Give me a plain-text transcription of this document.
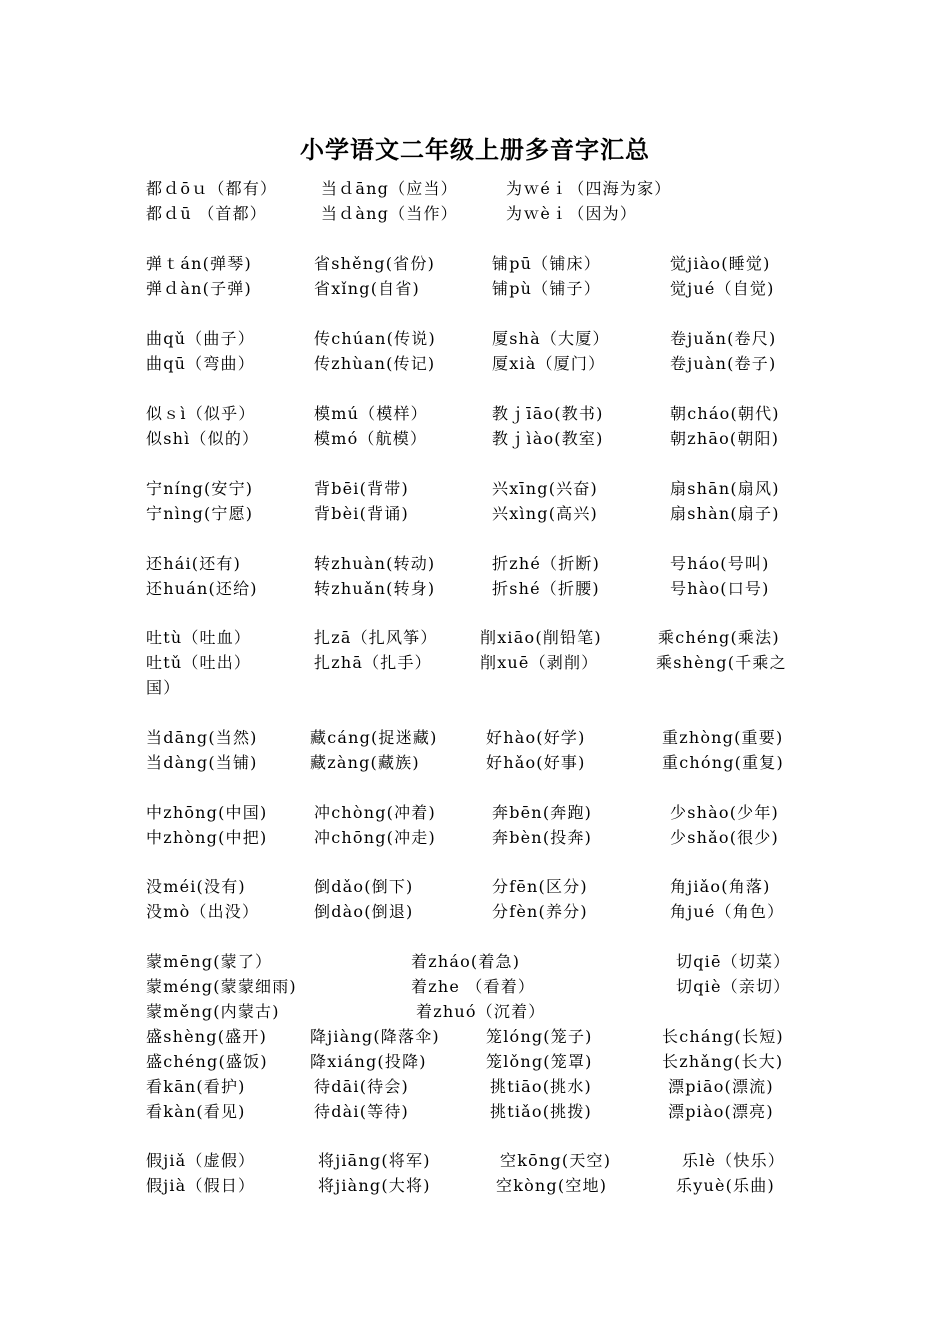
小学语文二年级上册多音字汇总
都ｄōｕ（都有）	当ｄāng（应当）	为ｗéｉ（四海为家）
都ｄū （首都）	当ｄàng（当作）	为ｗèｉ（因为）
弹ｔán(弹琴)	省shěng(省份)	铺pū（铺床）	觉jiào(睡觉)
弹ｄàn(子弹)	省xǐng(自省)	铺pù（铺子）	觉jué（自觉)
曲qǔ（曲子）	传chúan(传说)	厦shà（大厦）	卷juǎn(卷尺)
曲qū（弯曲）	传zhùan(传记)	厦xià（厦门）	卷juàn(卷子)
似ｓì（似乎）	模mú（模样）	教ｊīāo(教书)	朝cháo(朝代)
似shì（似的）	模mó（航模）	教ｊìào(教室)	朝zhāo(朝阳)
宁níng(安宁)	背bēi(背带)	兴xīng(兴奋)	扇shān(扇风)
宁nìng(宁愿)	背bèi(背诵)	兴xìng(高兴)	扇shàn(扇子)
还hái(还有)	转zhuàn(转动)	折zhé（折断)	号háo(号叫)
还huán(还给)	转zhuǎn(转身)	折shé（折腰)	号hào(口号)
吐tù（吐血）	扎zā（扎风筝）	削xiāo(削铅笔)	乘chéng(乘法)
吐tǔ（吐出）	扎zhā（扎手）	削xuē（剥削）	乘shèng(千乘之
国）
当dāng(当然)	藏cáng(捉迷藏)	好hào(好学)	重zhòng(重要)
当dàng(当铺)	藏zàng(藏族)	好hǎo(好事)	重chóng(重复)
中zhōng(中国)	冲chòng(冲着)	奔bēn(奔跑)	少shào(少年)
中zhòng(中把)	冲chōng(冲走)	奔bèn(投奔)	少shǎo(很少)
没méi(没有)	倒dǎo(倒下)	分fēn(区分)	角jiǎo(角落)
没mò（出没）	倒dào(倒退)	分fèn(养分)	角jué（角色）
蒙mēng(蒙了）	着zháo(着急)	切qiē（切菜）
蒙méng(蒙蒙细雨)	着zhe （看着）	切qiè（亲切）
蒙měng(内蒙古)	着zhuó（沉着）
盛shèng(盛开)	降jiàng(降落伞)	笼lóng(笼子)	长cháng(长短)
盛chéng(盛饭)	降xiáng(投降)	笼lǒng(笼罩)	长zhǎng(长大)
看kān(看护)	待dāi(待会)	挑tiāo(挑水)	漂piāo(漂流)
看kàn(看见)	待dài(等待)	挑tiǎo(挑拨)	漂piào(漂亮)
假jiǎ（虚假）	将jiāng(将军)	空kōng(天空)	乐lè（快乐）
假jià（假日）	将jiàng(大将)	空kòng(空地)	乐yuè(乐曲)
